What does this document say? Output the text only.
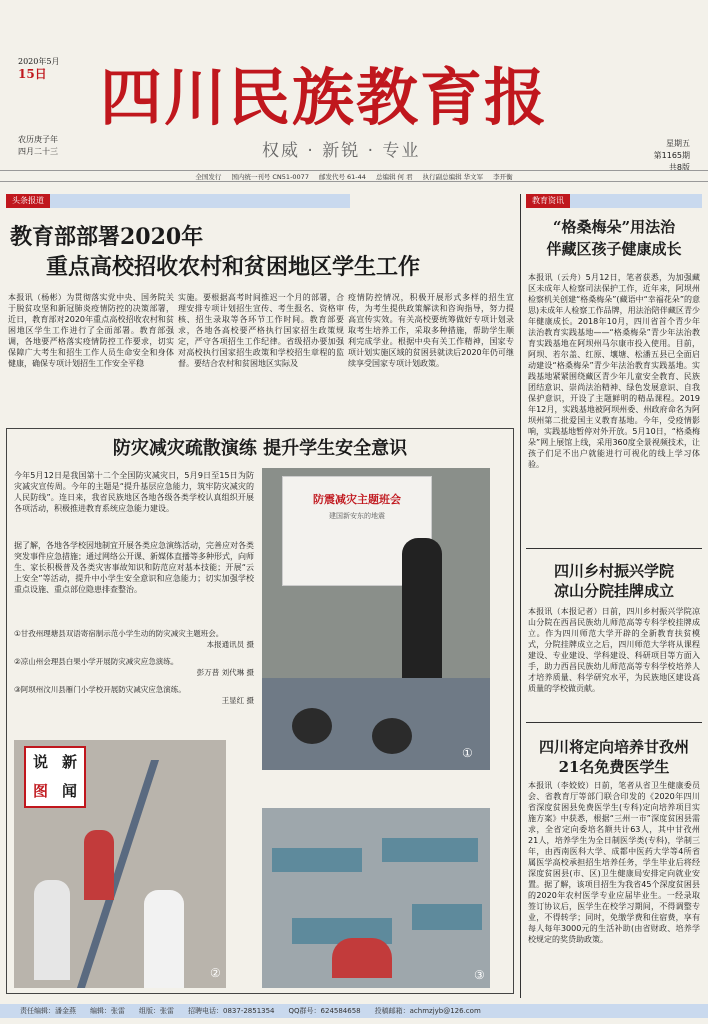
2020年5月
15日
农历庚子年
四月二十三
四川民族教育报
权威 · 新锐 · 专业	星期五
第1165期
共8版
全国发行 国内统一刊号 CN51-0077 邮发代号 61-44 总编辑 何 君 执行副总编辑 华文军 李开衡
头条报道	教育资讯
教育部部署2020年
重点高校招收农村和贫困地区学生工作
本报讯（杨彬）为贯彻落实党中央、国务院关于脱贫攻坚和新冠肺炎疫情防控的决策部署，近日，教育部对2020年重点高校招收农村和贫困地区学生工作进行了全面部署。教育部强调，各地要严格落实疫情防控工作要求，切实保障广大考生和招生工作人员生命安全和身体健康，确保专项计划招生工作安全平稳
实施。要根据高考时间推迟一个月的部署，合理安排专项计划招生宣传、考生报名、资格审核、招生录取等各环节工作时间。教育部要求，各地各高校要严格执行国家招生政策规定，严守各项招生工作纪律。省级招办要加强对高校执行国家招生政策和学校招生章程的监督。要结合农村和贫困地区实际及
疫情防控情况，积极开展形式多样的招生宣传，为考生提供政策解读和咨询指导，努力提高宣传实效。有关高校要统筹做好专项计划录取考生培养工作，采取多种措施，帮助学生顺利完成学业。根据中央有关工作精神，国家专项计划实施区域的贫困县就读后2020年仍可继续享受国家专项计划政策。
防灾减灾疏散演练 提升学生安全意识
今年5月12日是我国第十二个全国防灾减灾日，5月9日至15日为防灾减灾宣传周。今年的主题是“提升基层应急能力，筑牢防灾减灾的人民防线”。连日来，我省民族地区各地各级各类学校认真组织开展各项活动，积极推进教育系统应急能力建设。
据了解，各地各学校因地制宜开展各类应急演练活动，完善应对各类突发事件应急措施；通过网络公开课、新媒体直播等多种形式，向师生、家长积极普及各类灾害事故知识和防范应对基本技能；开展“云上安全”等活动，提升中小学生安全意识和应急能力；切实加强学校重点设施、重点部位隐患排查整治。
①甘孜州理塘县双语寄宿制示范小学生动的防灾减灾主题班会。
本报通讯员 摄
②凉山州会理县白果小学开展防灾减灾应急演练。
彭万普 刘代琳 摄
③阿坝州汶川县雁门小学校开展防灾减灾应急演练。
王显红 摄
防震减灾主题班会
建国新安东的地震
①
说 新
图 闻
②	③
“格桑梅朵”用法治
伴藏区孩子健康成长
本报讯（云舟）5月12日，笔者获悉，为加强藏区未成年人检察司法保护工作，近年来，阿坝州检察机关创建“格桑梅朵”(藏语中“幸福花朵”的意思)未成年人检察工作品牌，用法治陪伴藏区青少年健康成长。2018年10月，四川省首个青少年法治教育实践基地——“格桑梅朵”青少年法治教育实践基地在阿坝州马尔康市投入使用。目前，阿坝、若尔盖、红原、壤塘、松潘五县已全面启动建设“格桑梅朵”青少年法治教育实践基地。实践基地紧紧围绕藏区青少年儿童安全教育、民族团结意识、崇尚法治精神、绿色发展意识、自我保护意识，开设了主题鲜明的精品课程。2019年12月，实践基地被阿坝州委、州政府命名为阿坝州第二批爱国主义教育基地。今年，受疫情影响，实践基地暂停对外开放。5月10日，“格桑梅朵”网上展馆上线，采用360度全景视频技术，让孩子们足不出户就能进行可视化的线上学习体验。
四川乡村振兴学院
凉山分院挂牌成立
本报讯（本报记者）日前，四川乡村振兴学院凉山分院在西昌民族幼儿师范高等专科学校挂牌成立。作为四川师范大学开辟的全新教育扶贫模式，分院挂牌成立之后，四川师范大学将从课程建设、专业建设、学科建设、科研项目等方面入手，助力西昌民族幼儿师范高等专科学校培养人才培养质量、科学研究水平，为民族地区建设高质量的学校做贡献。
四川将定向培养甘孜州
21名免费医学生
本报讯（李姣姣）日前，笔者从省卫生健康委员会、省教育厅等部门联合印发的《2020年四川省深度贫困县免费医学生(专科)定向培养项目实施方案》中获悉，根据“三州一市”深度贫困县需求，全省定向委培名额共计63人，其中甘孜州21人，培养学生为全日制医学类(专科)，学制三年，由西南医科大学、成都中医药大学等4所省属医学高校承担招生培养任务，学生毕业后将经深度贫困县(市、区)卫生健康局安排定向就业安置。据了解，该项目招生为我省45个深度贫困县的2020年农村医学专业应届毕业生。一经录取签订协议后，医学生在校学习期间，不得调整专业，不得转学；同时，免缴学费和住宿费，享有每人每年3000元的生活补助(由省财政、培养学校规定的奖贷助政策。
责任编辑：潘金燕 编辑：张雷 组版：张雷 招聘电话：0837-2851354 QQ群号：624584658 投稿邮箱：achmzjyb@126.com
